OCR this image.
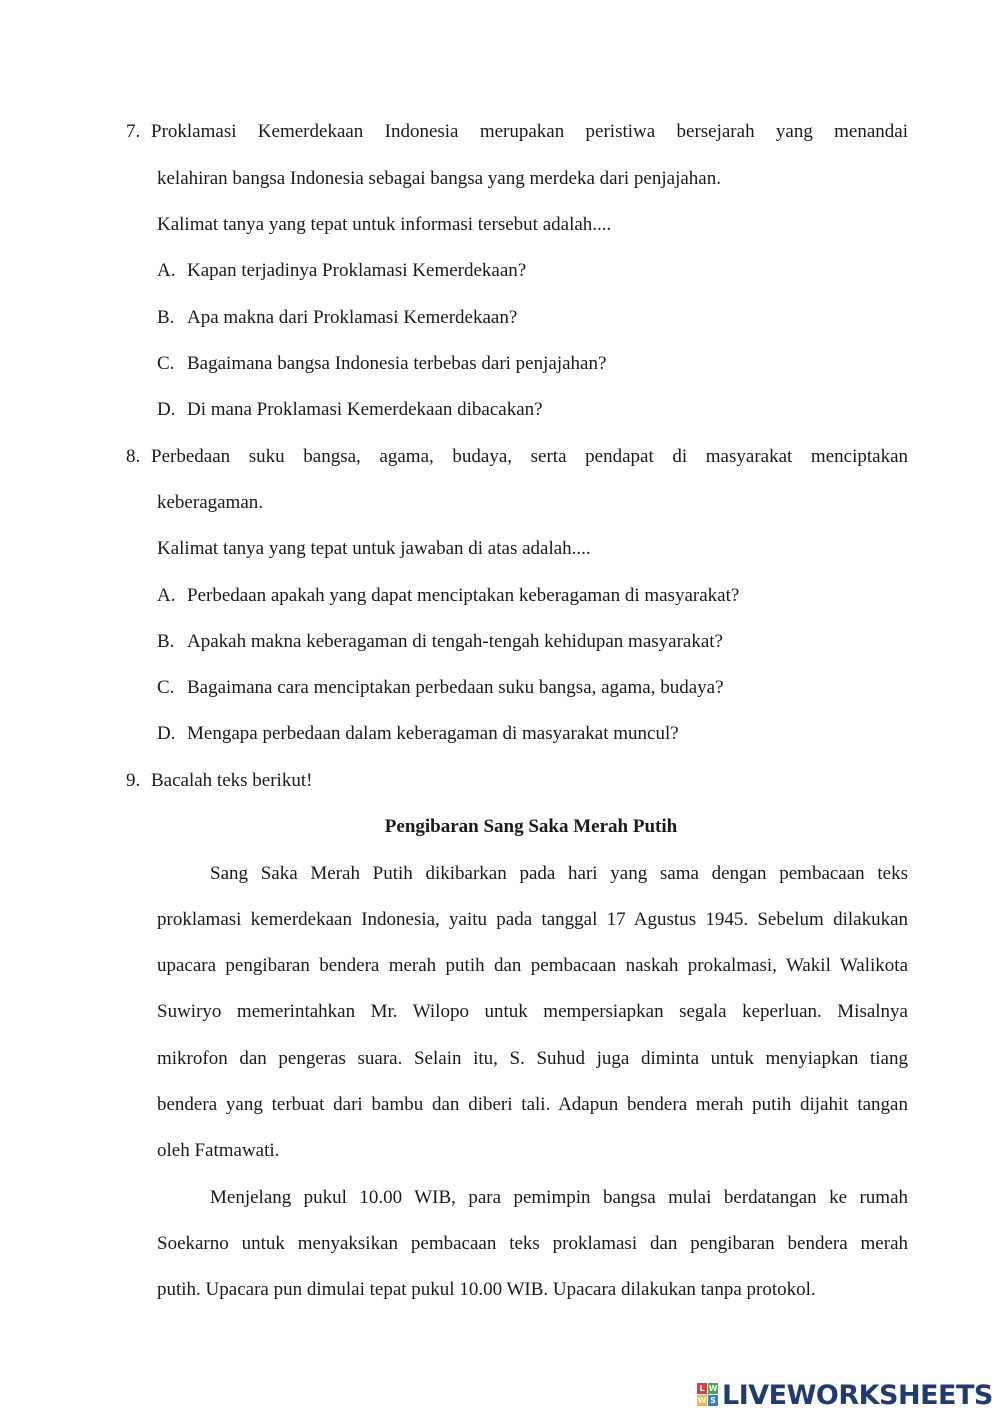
7. Proklamasi Kemerdekaan Indonesia merupakan peristiwa bersejarah yang menandai
kelahiran bangsa Indonesia sebagai bangsa yang merdeka dari penjajahan.
Kalimat tanya yang tepat untuk informasi tersebut adalah....
A. Kapan terjadinya Proklamasi Kemerdekaan?
B. Apa makna dari Proklamasi Kemerdekaan?
C. Bagaimana bangsa Indonesia terbebas dari penjajahan?
D. Di mana Proklamasi Kemerdekaan dibacakan?
8. Perbedaan suku bangsa, agama, budaya, serta pendapat di masyarakat menciptakan
keberagaman.
Kalimat tanya yang tepat untuk jawaban di atas adalah....
A. Perbedaan apakah yang dapat menciptakan keberagaman di masyarakat?
B. Apakah makna keberagaman di tengah-tengah kehidupan masyarakat?
C. Bagaimana cara menciptakan perbedaan suku bangsa, agama, budaya?
D. Mengapa perbedaan dalam keberagaman di masyarakat muncul?
9. Bacalah teks berikut!
Pengibaran Sang Saka Merah Putih
Sang Saka Merah Putih dikibarkan pada hari yang sama dengan pembacaan teks
proklamasi kemerdekaan Indonesia, yaitu pada tanggal 17 Agustus 1945. Sebelum dilakukan
upacara pengibaran bendera merah putih dan pembacaan naskah prokalmasi, Wakil Walikota
Suwiryo memerintahkan Mr. Wilopo untuk mempersiapkan segala keperluan. Misalnya
mikrofon dan pengeras suara. Selain itu, S. Suhud juga diminta untuk menyiapkan tiang
bendera yang terbuat dari bambu dan diberi tali. Adapun bendera merah putih dijahit tangan
oleh Fatmawati.
Menjelang pukul 10.00 WIB, para pemimpin bangsa mulai berdatangan ke rumah
Soekarno untuk menyaksikan pembacaan teks proklamasi dan pengibaran bendera merah
putih. Upacara pun dimulai tepat pukul 10.00 WIB. Upacara dilakukan tanpa protokol.
L W
W S LIVEWORKSHEETS
